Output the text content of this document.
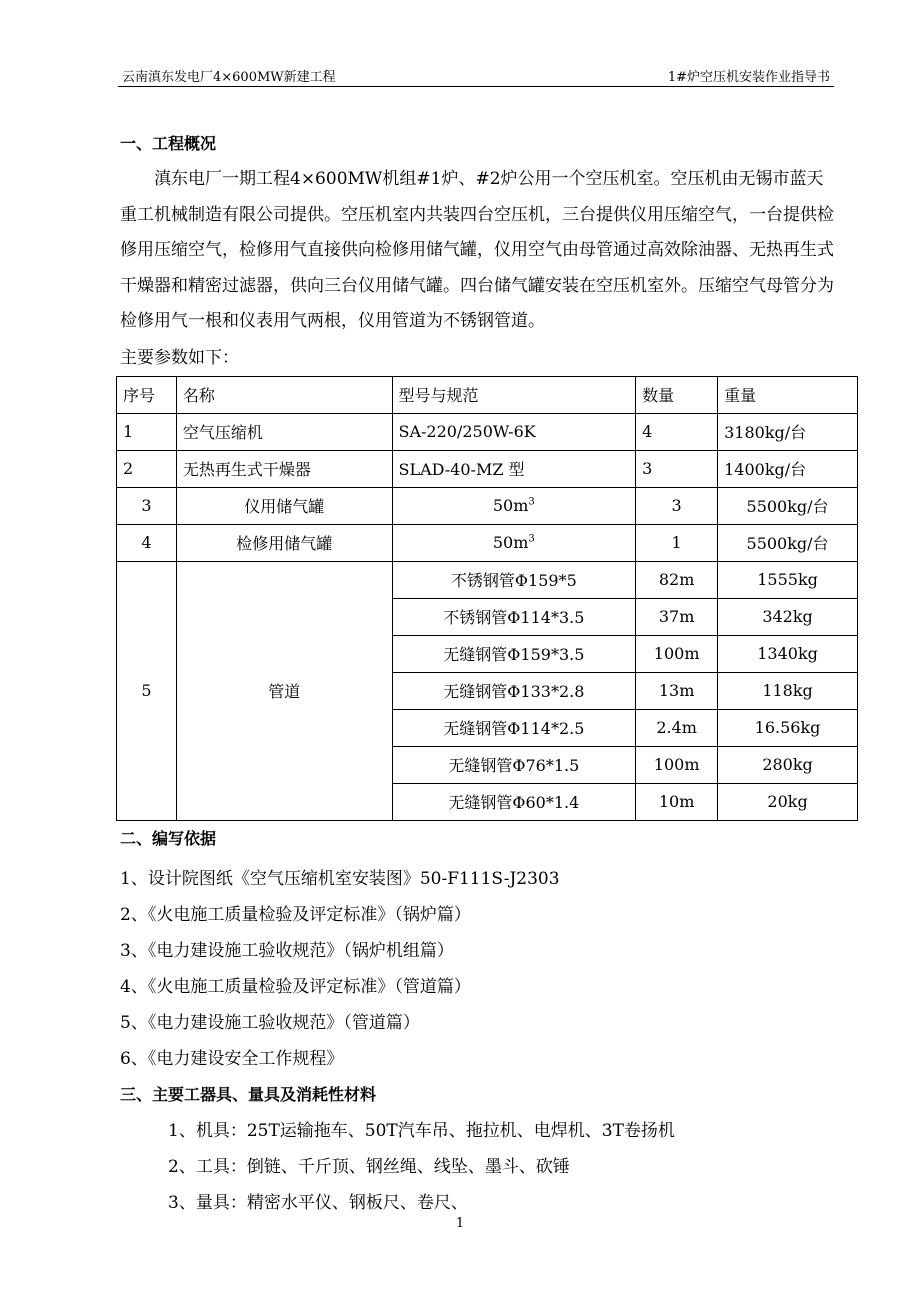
云南滇东发电厂4×600MW新建工程	1#炉空压机安装作业指导书

一、工程概况

滇东电厂一期工程4×600MW机组#1炉、#2炉公用一个空压机室。空压机由无锡市蓝天重工机械制造有限公司提供。空压机室内共装四台空压机，三台提供仪用压缩空气，一台提供检修用压缩空气，检修用气直接供向检修用储气罐，仪用空气由母管通过高效除油器、无热再生式干燥器和精密过滤器，供向三台仪用储气罐。四台储气罐安装在空压机室外。压缩空气母管分为检修用气一根和仪表用气两根，仪用管道为不锈钢管道。

主要参数如下：

序号	名称	型号与规范	数量	重量
1	空气压缩机	SA-220/250W-6K	4	3180kg/台
2	无热再生式干燥器	SLAD-40-MZ 型	3	1400kg/台
3	仪用储气罐	$50m^3$	3	5500kg/台
4	检修用储气罐	$50m^3$	1	5500kg/台
5	管道	不锈钢管Φ159*5	82m	1555kg
		不锈钢管Φ114*3.5	37m	342kg
		无缝钢管Φ159*3.5	100m	1340kg
		无缝钢管Φ133*2.8	13m	118kg
		无缝钢管Φ114*2.5	2.4m	16.56kg
		无缝钢管Φ76*1.5	100m	280kg
		无缝钢管Φ60*1.4	10m	20kg

二、编写依据

1、设计院图纸《空气压缩机室安装图》50-F111S-J2303

2、《火电施工质量检验及评定标准》（锅炉篇）

3、《电力建设施工验收规范》（锅炉机组篇）

4、《火电施工质量检验及评定标准》（管道篇）

5、《电力建设施工验收规范》（管道篇）

6、《电力建设安全工作规程》

三、主要工器具、量具及消耗性材料

1、机具：25T运输拖车、50T汽车吊、拖拉机、电焊机、3T卷扬机

2、工具：倒链、千斤顶、钢丝绳、线坠、墨斗、砍锤

3、量具：精密水平仪、钢板尺、卷尺、

1
